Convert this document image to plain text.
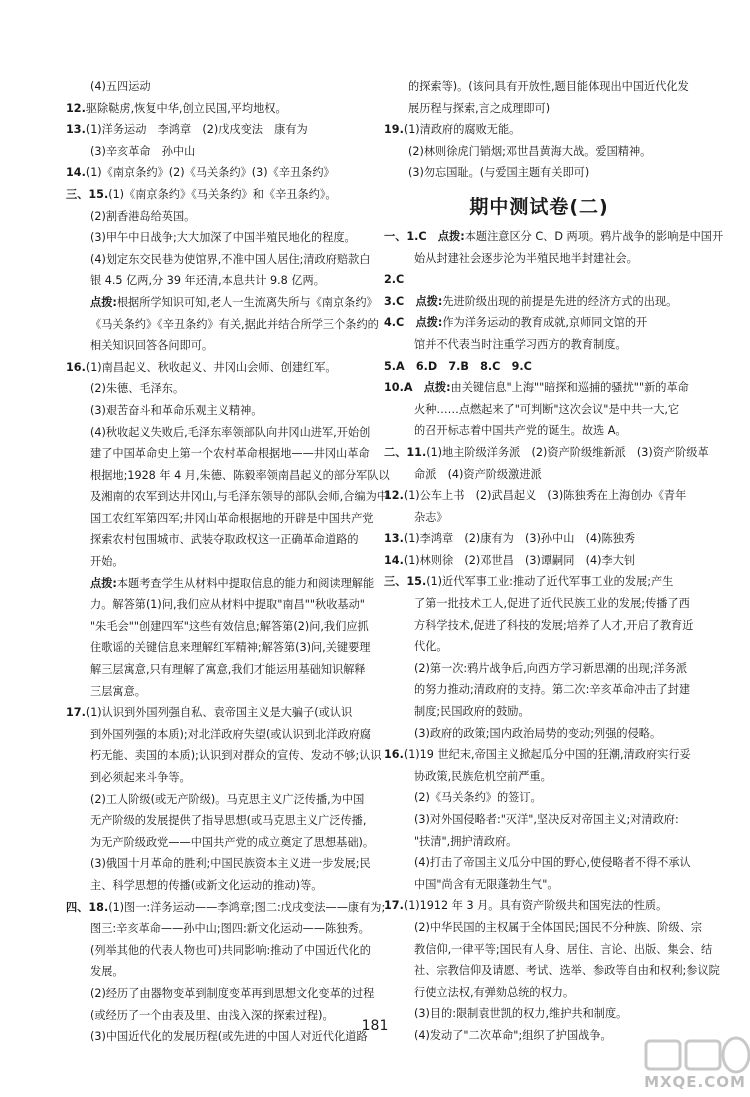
(4)五四运动
12.驱除鞑虏,恢复中华,创立民国,平均地权。
13.(1)洋务运动　李鸿章　(2)戊戌变法　康有为
(3)辛亥革命　孙中山
14.(1)《南京条约》(2)《马关条约》(3)《辛丑条约》
三、15.(1)《南京条约》《马关条约》和《辛丑条约》。
(2)割香港岛给英国。
(3)甲午中日战争;大大加深了中国半殖民地化的程度。
(4)划定东交民巷为使馆界,不准中国人居住;清政府赔款白
银 4.5 亿两,分 39 年还清,本息共计 9.8 亿两。
点拨:根据所学知识可知,老人一生流离失所与《南京条约》
《马关条约》《辛丑条约》有关,据此并结合所学三个条约的
相关知识回答各问即可。
16.(1)南昌起义、秋收起义、井冈山会师、创建红军。
(2)朱德、毛泽东。
(3)艰苦奋斗和革命乐观主义精神。
(4)秋收起义失败后,毛泽东率领部队向井冈山进军,开始创
建了中国革命史上第一个农村革命根据地——井冈山革命
根据地;1928 年 4 月,朱德、陈毅率领南昌起义的部分军队以
及湘南的农军到达井冈山,与毛泽东领导的部队会师,合编为中
国工农红军第四军;井冈山革命根据地的开辟是中国共产党
探索农村包围城市、武装夺取政权这一正确革命道路的
开始。
点拨:本题考查学生从材料中提取信息的能力和阅读理解能
力。解答第(1)问,我们应从材料中提取"南昌""秋收基动"
"朱毛会""创建四军"这些有效信息;解答第(2)问,我们应抓
住歌谣的关键信息来理解红军精神;解答第(3)问,关键要理
解三层寓意,只有理解了寓意,我们才能运用基础知识解释
三层寓意。
17.(1)认识到外国列强自私、袁帝国主义是大骗子(或认识
到外国列强的本质);对北洋政府失望(或认识到北洋政府腐
朽无能、卖国的本质);认识到对群众的宣传、发动不够;认识
到必须起来斗争等。
(2)工人阶级(或无产阶级)。马克思主义广泛传播,为中国
无产阶级的发展提供了指导思想(或马克思主义广泛传播,
为无产阶级政党——中国共产党的成立奠定了思想基础)。
(3)俄国十月革命的胜利;中国民族资本主义进一步发展;民
主、科学思想的传播(或新文化运动的推动)等。
四、18.(1)图一:洋务运动——李鸿章;图二:戊戌变法——康有为;
图三:辛亥革命——孙中山;图四:新文化运动——陈独秀。
(列举其他的代表人物也可)共同影响:推动了中国近代化的
发展。
(2)经历了由器物变革到制度变革再到思想文化变革的过程
(或经历了一个由表及里、由浅入深的探索过程)。
(3)中国近代化的发展历程(或先进的中国人对近代化道路
的探索等)。(该问具有开放性,题目能体现出中国近代化发
展历程与探索,言之成理即可)
19.(1)清政府的腐败无能。
(2)林则徐虎门销烟;邓世昌黄海大战。爱国精神。
(3)勿忘国耻。(与爱国主题有关即可)
期中测试卷(二)
一、1.C　 点拨:本题注意区分 C、D 两项。鸦片战争的影响是中国开
始从封建社会逐步沦为半殖民地半封建社会。
2.C
3.C　 点拨:先进阶级出现的前提是先进的经济方式的出现。
4.C　 点拨:作为洋务运动的教育成就,京师同文馆的开
馆并不代表当时注重学习西方的教育制度。
5.A　6.D　7.B　8.C　9.C
10.A　 点拨:由关键信息"上海""暗探和巡捕的骚扰""新的革命
火种……点燃起来了"可判断"这次会议"是中共一大,它
的召开标志着中国共产党的诞生。故选 A。
二、11.(1)地主阶级洋务派　(2)资产阶级维新派　(3)资产阶级革
命派　(4)资产阶级激进派
12.(1)公车上书　(2)武昌起义　(3)陈独秀在上海创办《青年
杂志》
13.(1)李鸿章　(2)康有为　(3)孙中山　(4)陈独秀
14.(1)林则徐　(2)邓世昌　(3)谭嗣同　(4)李大钊
三、15.(1)近代军事工业:推动了近代军事工业的发展;产生
了第一批技术工人,促进了近代民族工业的发展;传播了西
方科学技术,促进了科技的发展;培养了人才,开启了教育近
代化。
(2)第一次:鸦片战争后,向西方学习新思潮的出现;洋务派
的努力推动;清政府的支持。第二次:辛亥革命冲击了封建
制度;民国政府的鼓励。
(3)政府的政策;国内政治局势的变动;列强的侵略。
16.(1)19 世纪末,帝国主义掀起瓜分中国的狂潮,清政府实行妥
协政策,民族危机空前严重。
(2)《马关条约》的签订。
(3)对外国侵略者:"灭洋",坚决反对帝国主义;对清政府:
"扶清",拥护清政府。
(4)打击了帝国主义瓜分中国的野心,使侵略者不得不承认
中国"尚含有无限蓬勃生气"。
17.(1)1912 年 3 月。具有资产阶级共和国宪法的性质。
(2)中华民国的主权属于全体国民;国民不分种族、阶级、宗
教信仰,一律平等;国民有人身、居住、言论、出版、集会、结
社、宗教信仰及请愿、考试、选举、参政等自由和权利;参议院
行使立法权,有弹劾总统的权力。
(3)目的:限制袁世凯的权力,维护共和制度。
(4)发动了"二次革命";组织了护国战争。
181
MXQE.COM
